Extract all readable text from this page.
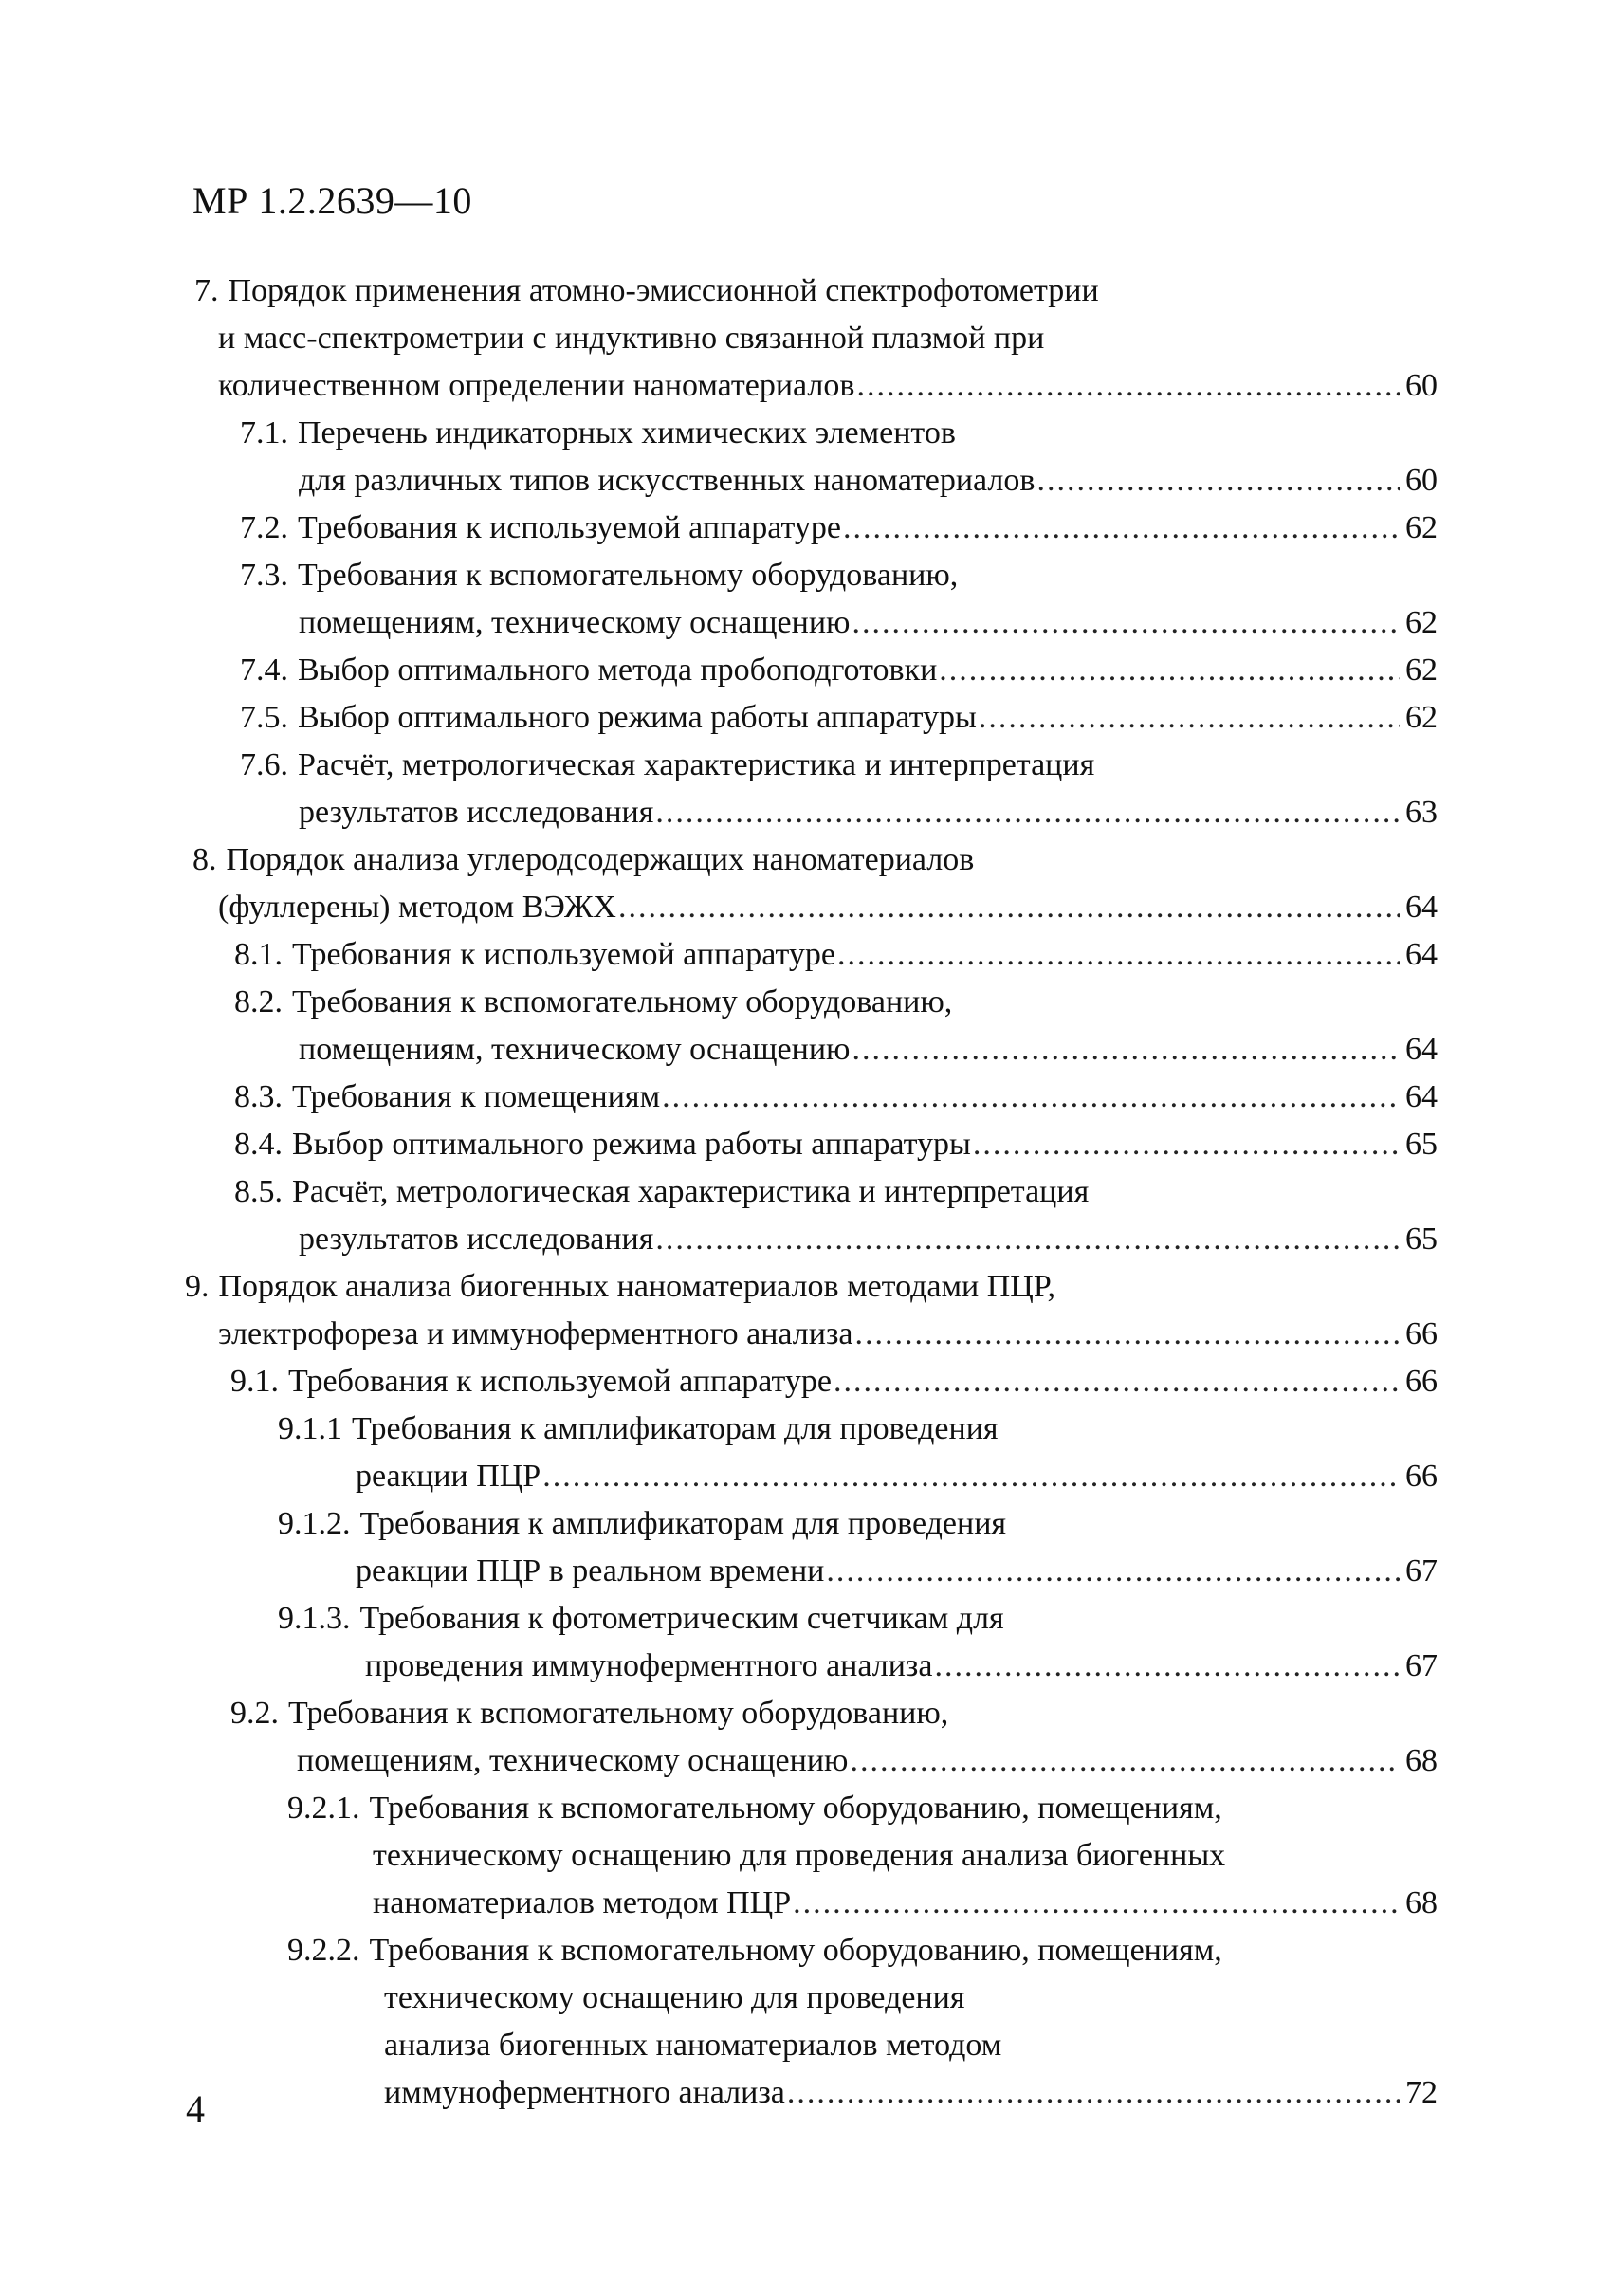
МР 1.2.2639—10
7. Порядок применения атомно-эмиссионной спектрофотометрии
и масс-спектрометрии с индуктивно связанной плазмой при
количественном определении наноматериалов .....	60
7.1. Перечень индикаторных химических элементов
для различных типов искусственных наноматериалов .....	60
7.2. Требования к используемой аппаратуре .....	62
7.3. Требования к вспомогательному оборудованию,
помещениям, техническому оснащению .....	62
7.4. Выбор оптимального метода пробоподготовки .....	62
7.5. Выбор оптимального режима работы аппаратуры .....	62
7.6. Расчёт, метрологическая характеристика и интерпретация
результатов исследования .....	63
8. Порядок анализа углеродсодержащих наноматериалов
(фуллерены) методом ВЭЖХ .....	64
8.1. Требования к используемой аппаратуре .....	64
8.2. Требования к вспомогательному оборудованию,
помещениям, техническому оснащению .....	64
8.3. Требования к помещениям .....	64
8.4. Выбор оптимального режима работы аппаратуры .....	65
8.5. Расчёт, метрологическая характеристика и интерпретация
результатов исследования .....	65
9. Порядок анализа биогенных наноматериалов методами ПЦР,
электрофореза и иммуноферментного анализа .....	66
9.1. Требования к используемой аппаратуре .....	66
9.1.1 Требования к амплификаторам для проведения
реакции ПЦР .....	66
9.1.2. Требования к амплификаторам для проведения
реакции ПЦР в реальном времени .....	67
9.1.3. Требования к фотометрическим счетчикам для
проведения иммуноферментного анализа .....	67
9.2. Требования к вспомогательному оборудованию,
помещениям, техническому оснащению .....	68
9.2.1. Требования к вспомогательному оборудованию, помещениям,
техническому оснащению для проведения анализа биогенных
наноматериалов методом ПЦР .....	68
9.2.2. Требования к вспомогательному оборудованию, помещениям,
техническому оснащению для проведения
анализа биогенных наноматериалов методом
иммуноферментного анализа .....	72
4
